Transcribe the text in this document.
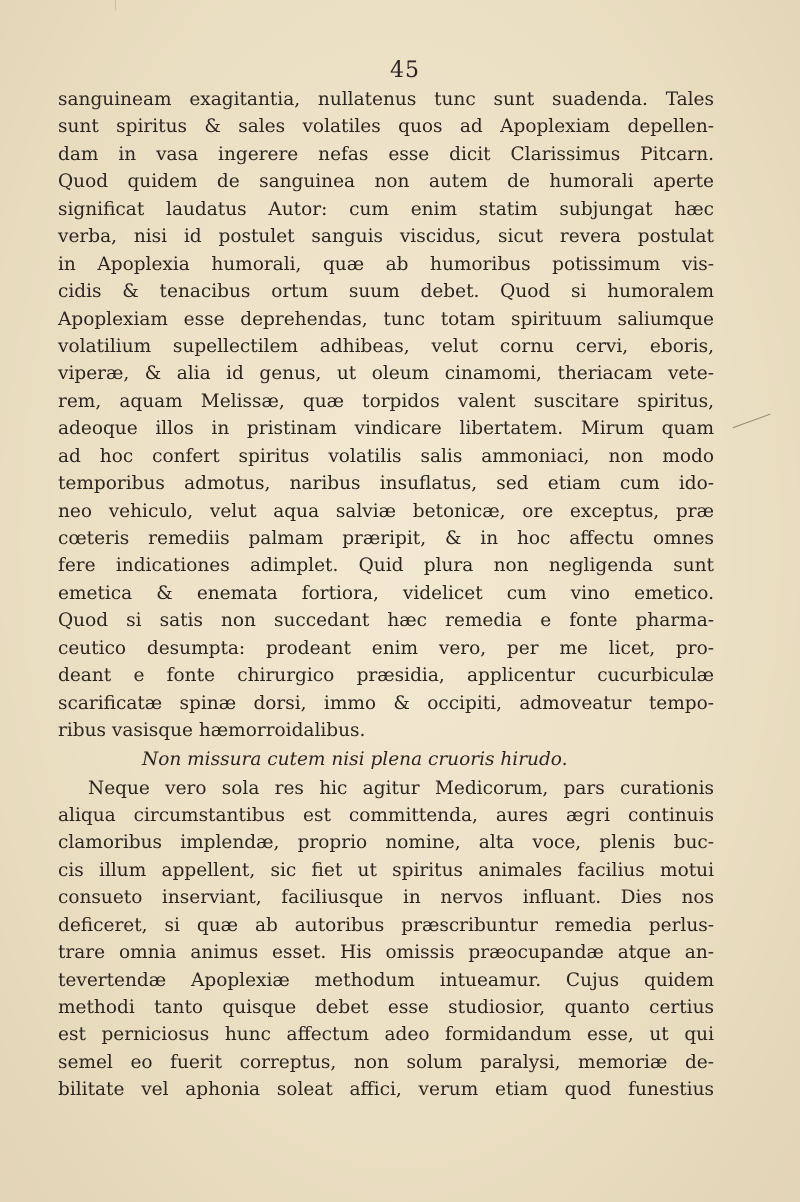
45
sanguineam exagitantia, nullatenus tunc sunt suadenda. Tales
sunt spiritus & sales volatiles quos ad Apoplexiam depellen-
dam in vasa ingerere nefas esse dicit Clarissimus Pitcarn.
Quod quidem de sanguinea non autem de humorali aperte
significat laudatus Autor: cum enim statim subjungat hæc
verba, nisi id postulet sanguis viscidus, sicut revera postulat
in Apoplexia humorali, quæ ab humoribus potissimum vis-
cidis & tenacibus ortum suum debet. Quod si humoralem
Apoplexiam esse deprehendas, tunc totam spirituum saliumque
volatilium supellectilem adhibeas, velut cornu cervi, eboris,
viperæ, & alia id genus, ut oleum cinamomi, theriacam vete-
rem, aquam Melissæ, quæ torpidos valent suscitare spiritus,
adeoque illos in pristinam vindicare libertatem. Mirum quam
ad hoc confert spiritus volatilis salis ammoniaci, non modo
temporibus admotus, naribus insuflatus, sed etiam cum ido-
neo vehiculo, velut aqua salviæ betonicæ, ore exceptus, præ
cœteris remediis palmam præripit, & in hoc affectu omnes
fere indicationes adimplet. Quid plura non negligenda sunt
emetica & enemata fortiora, videlicet cum vino emetico.
Quod si satis non succedant hæc remedia e fonte pharma-
ceutico desumpta: prodeant enim vero, per me licet, pro-
deant e fonte chirurgico præsidia, applicentur cucurbiculæ
scarificatæ spinæ dorsi, immo & occipiti, admoveatur tempo-
ribus vasisque hæmorroidalibus.
Non missura cutem nisi plena cruoris hirudo.
Neque vero sola res hic agitur Medicorum, pars curationis
aliqua circumstantibus est committenda, aures ægri continuis
clamoribus implendæ, proprio nomine, alta voce, plenis buc-
cis illum appellent, sic fiet ut spiritus animales facilius motui
consueto inserviant, faciliusque in nervos influant. Dies nos
deficeret, si quæ ab autoribus præscribuntur remedia perlus-
trare omnia animus esset. His omissis præocupandæ atque an-
tevertendæ Apoplexiæ methodum intueamur. Cujus quidem
methodi tanto quisque debet esse studiosior, quanto certius
est perniciosus hunc affectum adeo formidandum esse, ut qui
semel eo fuerit correptus, non solum paralysi, memoriæ de-
bilitate vel aphonia soleat affici, verum etiam quod funestius
